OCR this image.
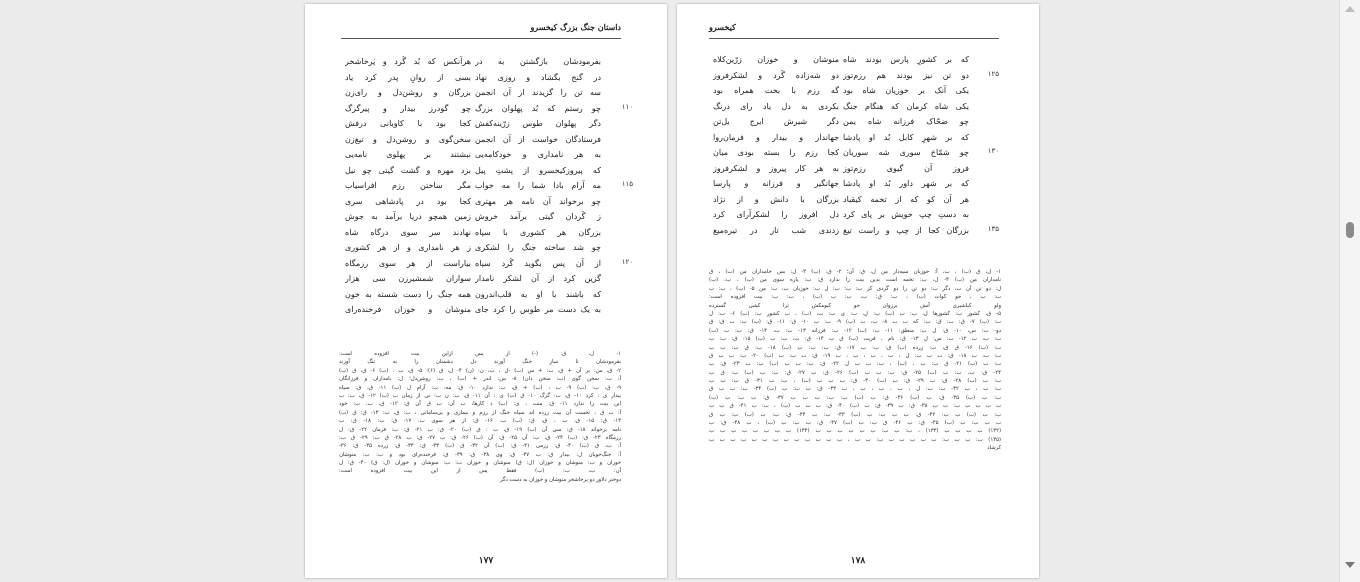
داستان جنگ بزرگ کیخسرو
بفرمودشان بازگشتن به در
هرآنکس که بُد گُرد و پَرخاشخر
در گنج بگشاد و روزی نهاد
بسی از روانِ پدر کرد یاد
سه تن را گزیدند از آن انجمن
بزرگان و روشن‌دل و رای‌زن
۱۱۰
چو رستم که بُد پهلوان بزرگ
چو گودرز بیدار و پیرگرگ
دگر پهلوان طوس زرّینه‌کفش
کجا بود با کاویانی درفش
فرستادگان خواست از آن انجمن
سخن‌گوی و روشن‌دل و تیغ‌زن
به هر نامداری و خودکامه‌یی
نبشتند بر پهلوی نامه‌یی
که پیروزکیخسرو از پشتِ پیل
بزد مهره و گشت گیتی چو نیل
۱۱۵
مه آرام بادا شما را مه خواب
مگر ساختن رزم افراسیاب
چو برخواند آن نامه هر مهتری
کجا بود در پادشاهی سری
ز گُردان گیتی برآمد خروش
زمین همچو دریا برآمد به جوش
بزرگان هر کشوری با سپاه
نهادند سر سوی درگاه شاه
چو شد ساخته جنگ را لشکری
ز هر نامداری و از هر کشوری
۱۲۰
از آن پس بگوید گُرد سپاه
بیاراست از هر سوی رزمگاه
گزین کرد از آن لشکر نامدار
سواران شمشیرزن سی هزار
که باشند با او به قلب‌اندرون
همه جنگ را دست شسته به خون
به یک دست مر طوس را کرد جای
منوشان و خوزان فرخنده‌رای
۱- ل، ق: (-) از پس ازاین بیت افزوده است:
بفرمودشان تا سازِ جنگ آورند دل دشمنان را به تنگ آورند
۲- ق، س: بر آن + ق، ب: + س (ب) -ل ، ب، ن: (ن) ۴- ل، ق (۶): ۵- ق، ب : (ب) ۶- ق، ق (ب)
آ، ب: سخن گوی (ب: سخن دان) ۸- س: اندر + (ب) ، ب: روشن‌دل؛ ل: نامداران و فرزانگان
۹- ق، ب: (ب) ۹- ب ، (ب) + ق، ب: ندارد ۱۰- ق: مه، ب: آرام ل (ب) ۱۱- ق، ق: سپاه
بیدار ی : کرد ۱۰- ق، ب: گرگ ۱۰- ق (ب) ی : آن ۱۱- ق، ب: ن ب: نی از زمان ب (ب) ۱۲- ق، ب: ب
این بیت را ندارد ۱۱- ق: منت ، ی: (ب) د کارها، ب آن: ب ق آن ق: ۱۲- ق، ب، ب: خود
آ: ب ق ، نخست آن بیت زرده اند سپاه جنگ از رزم و بیماری و بی‌سامانی ، ب: ق، ب: ۱۳- ق: ق (ب)
۱۴- ق: ۱۵- ق، ب ، ق، ق: (ب) ب. ۱۶- ق: از هر سوی ب. ۱۷- ق: ب: ۱۸- ق: ب
نامه برخواند ۱۸- ق: سی آن (ب) ۱۹- ق، ب : ق (ب) ۲۰- ق: ب ۲۱- ق: ب: فرمان ۲۲- ق: ل
رزمگاه ۲۳- ق: (ب) ۲۴- ق، ب: آن ۲۵- ق: آن (ب) ۲۶- ق: ب ۲۷- ق: ب ۲۸- ق ب: ۲۹- ق ب:
آ: ب، ق (ب) ۳۰- ق: رزمی ۳۱- ق: (ب) آن ۳۲- ق (ب) ۳۳- ق: ۳۴- ق: زرده ۳۵- ق: ۳۶-
آ: جنگ‌جویان ل: بیدار ق: ب ۳۷- ق: وی ۳۸- ق: ۳۹- ق: فرخنده‌رای بود و ب: ب: منوشان
خوزان و ب: منوشان و خوزان (ل: ق) منوشان و خوزان ب: ب: منوشان و خوزان (ل: ق) ۴۰- ق: ل
آن: ب، ب: (ب) فقط پس از این بیت افزوده است:
دوختر دلاور دو پرخاشخر منوشان و خوزان به دست دگر
۱۷۷
کیخسرو
که بر کشورِ پارس بودند شاه
منوشان و خوزان زرّین‌کلاه
۱۲۵
دو تن نیز بودند هم رزم‌توز
دو شه‌زاده گُرد و لشکرفروز
یکی آنک بر خوزیان شاه بود
گه رزم با بخت همراه بود
یکی شاه کرمان که هنگام جنگ
بکردی به دل یاد رای درنگ
چو ضحّاک فرزانه شاه یمن
دگر شیرش ایرج یل‌تن
که بر شهرِ کابل بُد او پادشا
جهاندار و بیدار و فرمان‌روا
۱۳۰
چو شمّاخ سوری شه سوریان
کجا رزم را بسته بودی میان
فروز آن گیوی رزم‌توز
به هر کار پیروز و لشکرفروز
که بر شهر داور بُد او پادشا
جهانگیر و فرزانه و پارسا
هر آن کو که از تخمه کیقباد
بزرگان با دانش و از نژاد
به دستِ چپ خویش بر پای کرد
دل افروز را لشکرآرای کرد
۱۳۵
بزرگان کجا از چپ و راست تیغ
زدندی شب تار در تیره‌میغ
۱- ل، ق (ب) ، ب، آ: خوزیان سپه‌دار من ل، ق: آن؛ ۲- ق: (ب) ۳- ل: بس خامداران من (ب) ، ق
نامداران من (ب) ۴- ل، ب: تخمه است بدین بیت را ندارد ق: ب: پاره سوی من (ب) ، ب: (ب)
ل: دو تن آن ب، دگر ب: دو تن را دو گُردی کز ب: ب: ب: ل ب: خوزیان ب، ب: من ۵- (ب) ، ب: ب
ب: ب ، جو کوات (ب) ، ب: ق: ب، ب: ب (ب) ، ب: ب: بیت افزوده است:
وِلو کیاشیری آنش برزوان جو کیومکش ترا کشی گسترده
۵- ق، کشور ب: کشورها ل، ب: ب (ب) ب: ل، ب: ی ب: ب، (ب) ، ب کشور ب: (ب) ۶- ب: ل
ب: (ب) ۷- ق: ب: ق: ب: که ب ب ۸- ب، ب (ب) ۹- ب: ب ۱۰- ق: ۱۱- ق: (ب) ب: ب ق: ق
دو- ب: س، ۱۰- ق: ل ب: منطق: ۱۱- ب: (ب) ۱۲- ب: فرزانه ۱۳- ب: ب، ۱۴- ق: ب: ب (ب)
ب: ب، ب ۱۲- ب: س: ل ۱۳- ق: نام ، فریت (ب) ق ب ۱۴- ق: ب، ب: ب (ب) ۱۵- ق: ب: ب
ب: (ب) ۱۶- ق ق، ب: زرده (ب) ق: ب: ب ۱۷- ق: ب: ب: ب (ب) ۱۸- ب: ق ب: ب ب
ب: ب، ب ۱۸- ق: ب ب ب: ل ، ب ، ب ، ب ، ب ۱۹- ق: ب ب: ب (ب) ۲۰- ب: ب ب ق
ب: ب (ب) ۲۱- ق ب: ب ، (ب) ، ب: ب ب ل ۲۲- ق: ب: ب ب (ب) ب: ب ۲۳- ق: ب
۲۴- ق: ب، ب: ب (ب) ۲۵- ق: ب: ب ب (ب) ۲۶- ق: ب ۲۷- ق: ب: ب (ب) ب: ق ب
ب: ب (ب) ۲۸- ق: ب ۲۹- ق: ب (ب) ۳۰- ق: ب ب ب (ب) ، ب: ب ۳۱- ق ب: ب ب
ب: ب ، ب ۳۲- ب: ب: ل ، ب ، ب ، ب ، ب ۳۳- ق: ب ب: ب (ب) ۳۴- ب: ب ب ق
ب: ب (ب) ۳۵- ق: ب (ب) ۳۶- ق: ب (ب) ب: ب: ب ب ب ۳۷- ق: ب ب: ب (ب)
ب ب ب ب ب: ب ب ۳۸- ق: ب ۳۹- ق: ب (ب) ۴۰- ق: ب ب ب (ب) ، ب: ب ۴۱- ق ب ب
ب: ب (ب) ب ب: ۴۲- ق: ب ب ب: ب (ب) ۴۳- ب: ب ۴۴- ق: ب: ب (ب) ب: ب ق
ب ب ب: ب (ب) ۴۵- ق: ب ۴۶- ق ب: ب (ب) ۴۷- ق: ب ب: ب (ب) ، ب ۴۸- ق: ب
(۱۳۲) ب ب ب ب (۱۳۳) ، ب: ب ب: ب ب ب ب ب ب (۱۳۴) ب ب ب ب ب ب ب ب
(۱۳۵) ب: ب ب ب: ب ب ب ب ب ب: ب ب ، ب ب ب ب ب ب ب ب ب ب ب ب ب
کرشاد
۱۷۸
